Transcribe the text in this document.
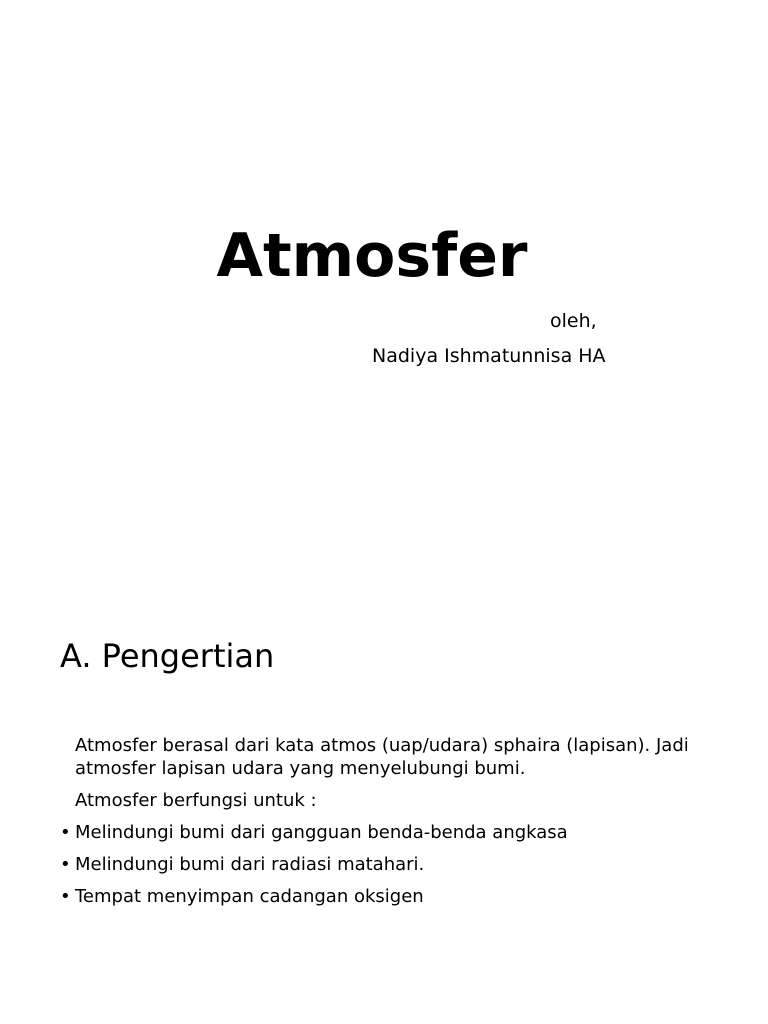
Atmosfer
oleh,
Nadiya Ishmatunnisa HA
A. Pengertian

Atmosfer berasal dari kata atmos (uap/udara) sphaira (lapisan). Jadi atmosfer lapisan udara yang menyelubungi bumi.

Atmosfer berfungsi untuk :

• Melindungi bumi dari gangguan benda-benda angkasa
• Melindungi bumi dari radiasi matahari.
• Tempat menyimpan cadangan oksigen
